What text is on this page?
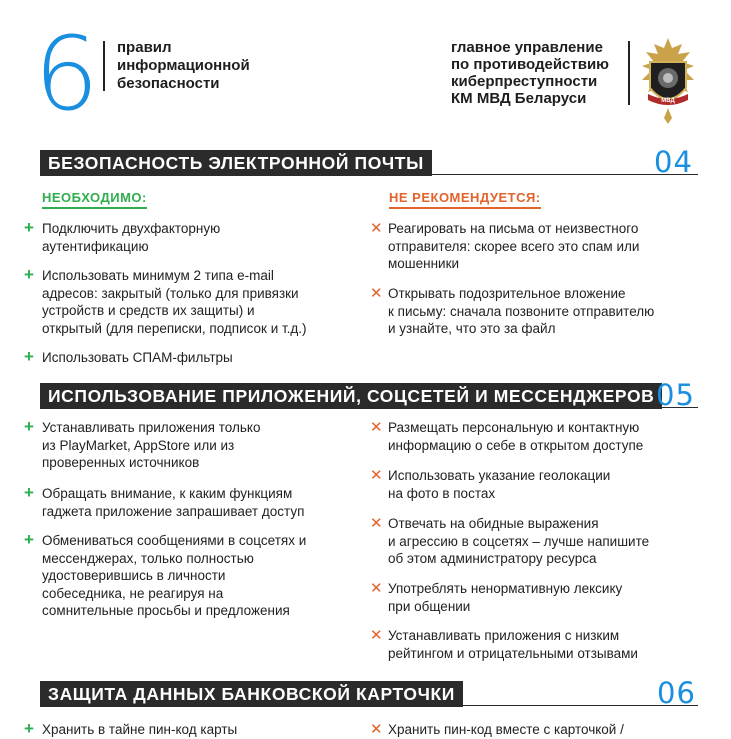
6 правил
информационной
безопасности
главное управление
по противодействию
киберпреступности
КМ МВД Беларуси	МВД
БЕЗОПАСНОСТЬ ЭЛЕКТРОННОЙ ПОЧТЫ	04
НЕОБХОДИМО:	НЕ РЕКОМЕНДУЕТСЯ:
+ Подключить двухфакторную
аутентификацию
+ Использовать минимум 2 типа e-mail
адресов: закрытый (только для привязки
устройств и средств их защиты) и
открытый (для переписки, подписок и т.д.)
+ Использовать СПАМ-фильтры
✕ Реагировать на письма от неизвестного
отправителя: скорее всего это спам или
мошенники
✕ Открывать подозрительное вложение
к письму: сначала позвоните отправителю
и узнайте, что это за файл
ИСПОЛЬЗОВАНИЕ ПРИЛОЖЕНИЙ, СОЦСЕТЕЙ И МЕССЕНДЖЕРОВ 05
+ Устанавливать приложения только
из PlayMarket, AppStore или из
проверенных источников
+ Обращать внимание, к каким функциям
гаджета приложение запрашивает доступ
+ Обмениваться сообщениями в соцсетях и
мессенджерах, только полностью
удостоверившись в личности
собеседника, не реагируя на
сомнительные просьбы и предложения
✕ Размещать персональную и контактную
информацию о себе в открытом доступе
✕ Использовать указание геолокации
на фото в постах
✕ Отвечать на обидные выражения
и агрессию в соцсетях – лучше напишите
об этом администратору ресурса
✕ Употреблять ненормативную лексику
при общении
✕ Устанавливать приложения с низким
рейтингом и отрицательными отзывами
ЗАЩИТА ДАННЫХ БАНКОВСКОЙ КАРТОЧКИ	06
+ Хранить в тайне пин-код карты	✕ Хранить пин-код вместе с карточкой /
